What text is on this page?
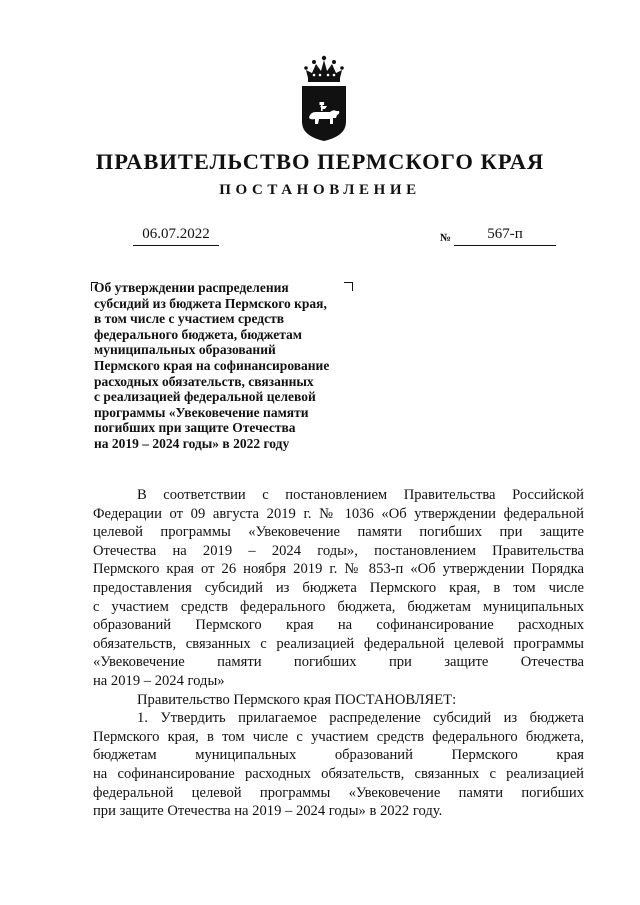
ПРАВИТЕЛЬСТВО ПЕРМСКОГО КРАЯ
ПОСТАНОВЛЕНИЕ
06.07.2022	№	567-п
Об утверждении распределения
субсидий из бюджета Пермского края,
в том числе с участием средств
федерального бюджета, бюджетам
муниципальных образований
Пермского края на софинансирование
расходных обязательств, связанных
с реализацией федеральной целевой
программы «Увековечение памяти
погибших при защите Отечества
на 2019 – 2024 годы» в 2022 году
В соответствии с постановлением Правительства Российской
Федерации от 09 августа 2019 г. № 1036 «Об утверждении федеральной
целевой программы «Увековечение памяти погибших при защите
Отечества на 2019 – 2024 годы», постановлением Правительства
Пермского края от 26 ноября 2019 г. № 853-п «Об утверждении Порядка
предоставления субсидий из бюджета Пермского края, в том числе
с участием средств федерального бюджета, бюджетам муниципальных
образований Пермского края на софинансирование расходных
обязательств, связанных с реализацией федеральной целевой программы
«Увековечение памяти погибших при защите Отечества
на 2019 – 2024 годы»
Правительство Пермского края ПОСТАНОВЛЯЕТ:
1. Утвердить прилагаемое распределение субсидий из бюджета
Пермского края, в том числе с участием средств федерального бюджета,
бюджетам муниципальных образований Пермского края
на софинансирование расходных обязательств, связанных с реализацией
федеральной целевой программы «Увековечение памяти погибших
при защите Отечества на 2019 – 2024 годы» в 2022 году.
